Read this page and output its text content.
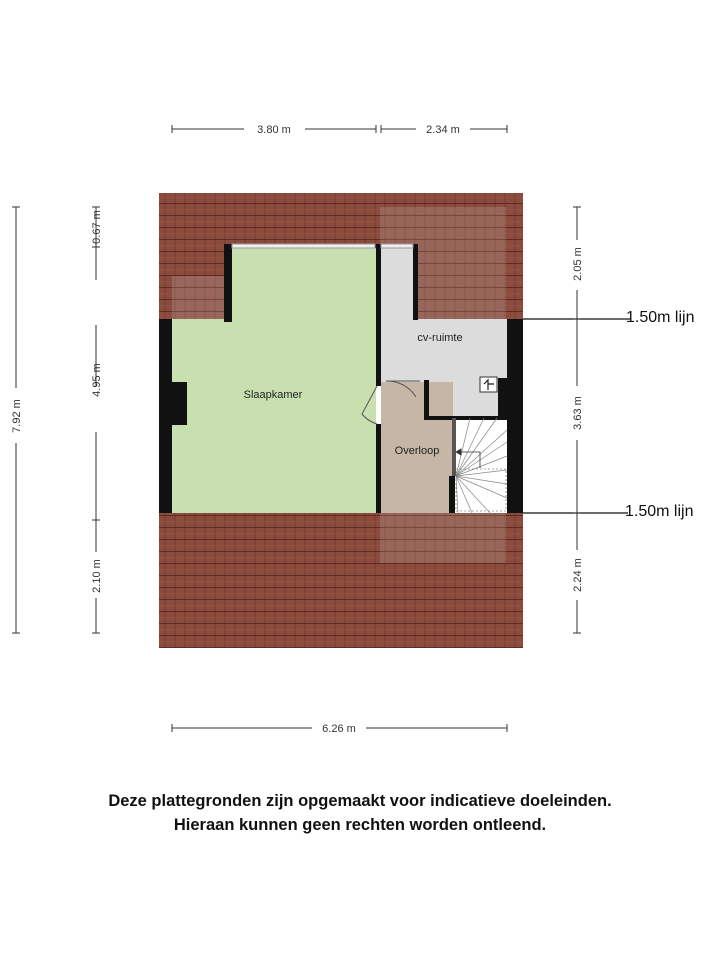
Slaapkamer
cv-ruimte
Overloop
1.50m lijn
1.50m lijn
3.80 m	2.34 m
6.26 m
7.92 m
0.67 m
4.95 m
2.10 m
2.05 m
3.63 m
2.24 m
Deze plattegronden zijn opgemaakt voor indicatieve doeleinden.
Hieraan kunnen geen rechten worden ontleend.
